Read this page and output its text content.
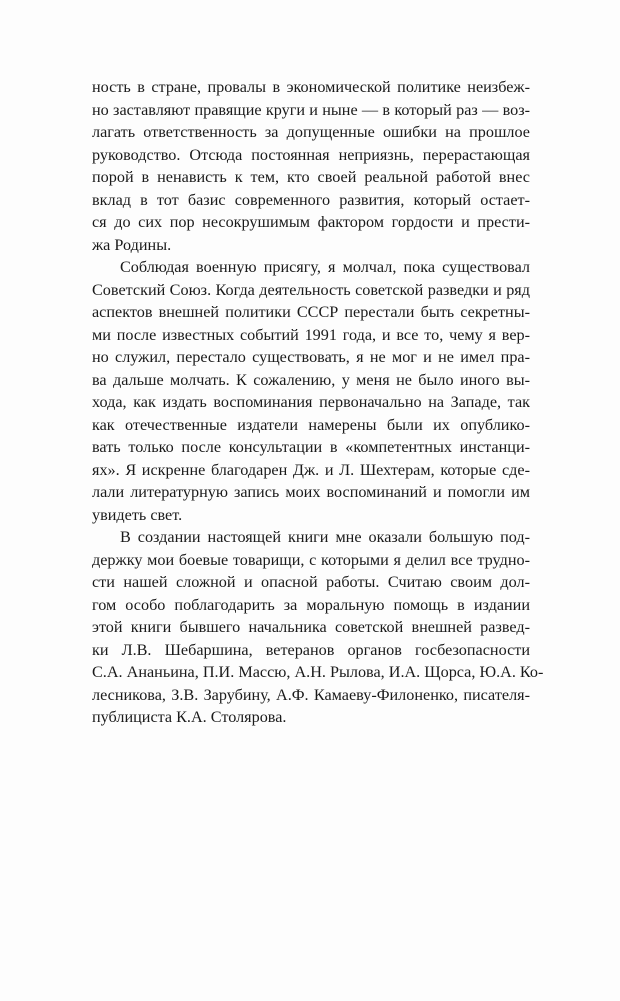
ность в стране, провалы в экономической политике неизбеж-
но заставляют правящие круги и ныне — в который раз — воз-
лагать ответственность за допущенные ошибки на прошлое
руководство. Отсюда постоянная неприязнь, перерастающая
порой в ненависть к тем, кто своей реальной работой внес
вклад в тот базис современного развития, который остает-
ся до сих пор несокрушимым фактором гордости и прести-
жа Родины.
Соблюдая военную присягу, я молчал, пока существовал
Советский Союз. Когда деятельность советской разведки и ряд
аспектов внешней политики СССР перестали быть секретны-
ми после известных событий 1991 года, и все то, чему я вер-
но служил, перестало существовать, я не мог и не имел пра-
ва дальше молчать. К сожалению, у меня не было иного вы-
хода, как издать воспоминания первоначально на Западе, так
как отечественные издатели намерены были их опублико-
вать только после консультации в «компетентных инстанци-
ях». Я искренне благодарен Дж. и Л. Шехтерам, которые сде-
лали литературную запись моих воспоминаний и помогли им
увидеть свет.
В создании настоящей книги мне оказали большую под-
держку мои боевые товарищи, с которыми я делил все трудно-
сти нашей сложной и опасной работы. Считаю своим дол-
гом особо поблагодарить за моральную помощь в издании
этой книги бывшего начальника советской внешней развед-
ки Л.В. Шебаршина, ветеранов органов госбезопасности
С.А. Ананьина, П.И. Массю, А.Н. Рылова, И.А. Щорса, Ю.А. Ко-
лесникова, З.В. Зарубину, А.Ф. Камаеву-Филоненко, писателя-
публициста К.А. Столярова.
